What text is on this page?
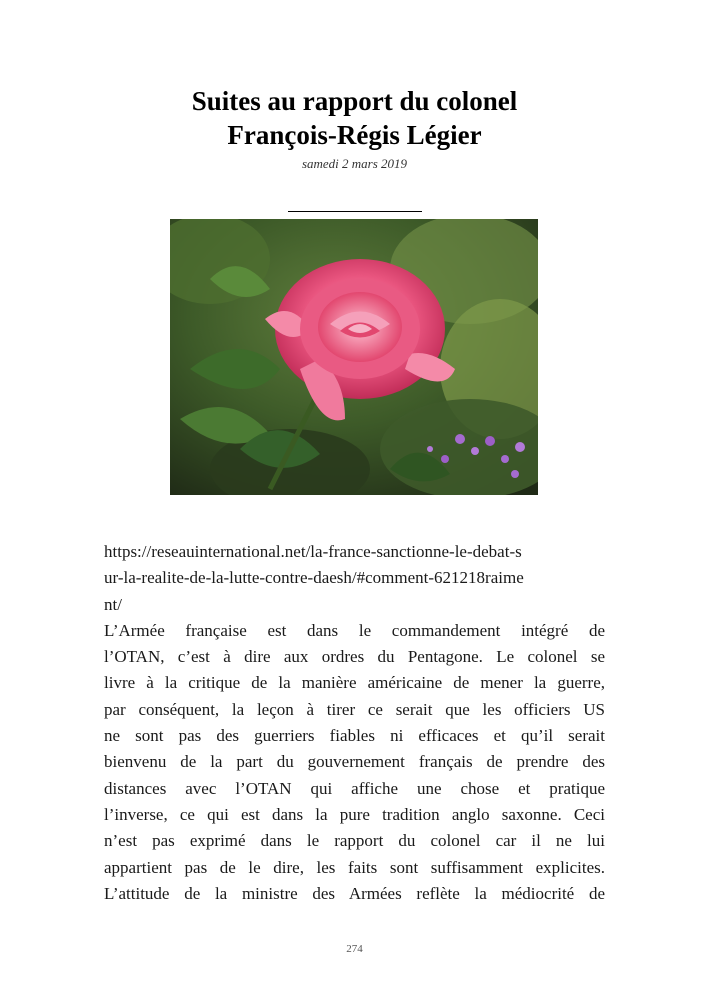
Suites au rapport du colonel
François-Régis Légier
samedi 2 mars 2019
https://reseauinternational.net/la-france-sanctionne-le-debat-s
ur-la-realite-de-la-lutte-contre-daesh/#comment-621218raime
nt/
L’Armée française est dans le commandement intégré de
l’OTAN, c’est à dire aux ordres du Pentagone. Le colonel se
livre à la critique de la manière américaine de mener la guerre,
par conséquent, la leçon à tirer ce serait que les officiers US
ne sont pas des guerriers fiables ni efficaces et qu’il serait
bienvenu de la part du gouvernement français de prendre des
distances avec l’OTAN qui affiche une chose et pratique
l’inverse, ce qui est dans la pure tradition anglo saxonne. Ceci
n’est pas exprimé dans le rapport du colonel car il ne lui
appartient pas de le dire, les faits sont suffisamment explicites.
L’attitude de la ministre des Armées reflète la médiocrité de
274
